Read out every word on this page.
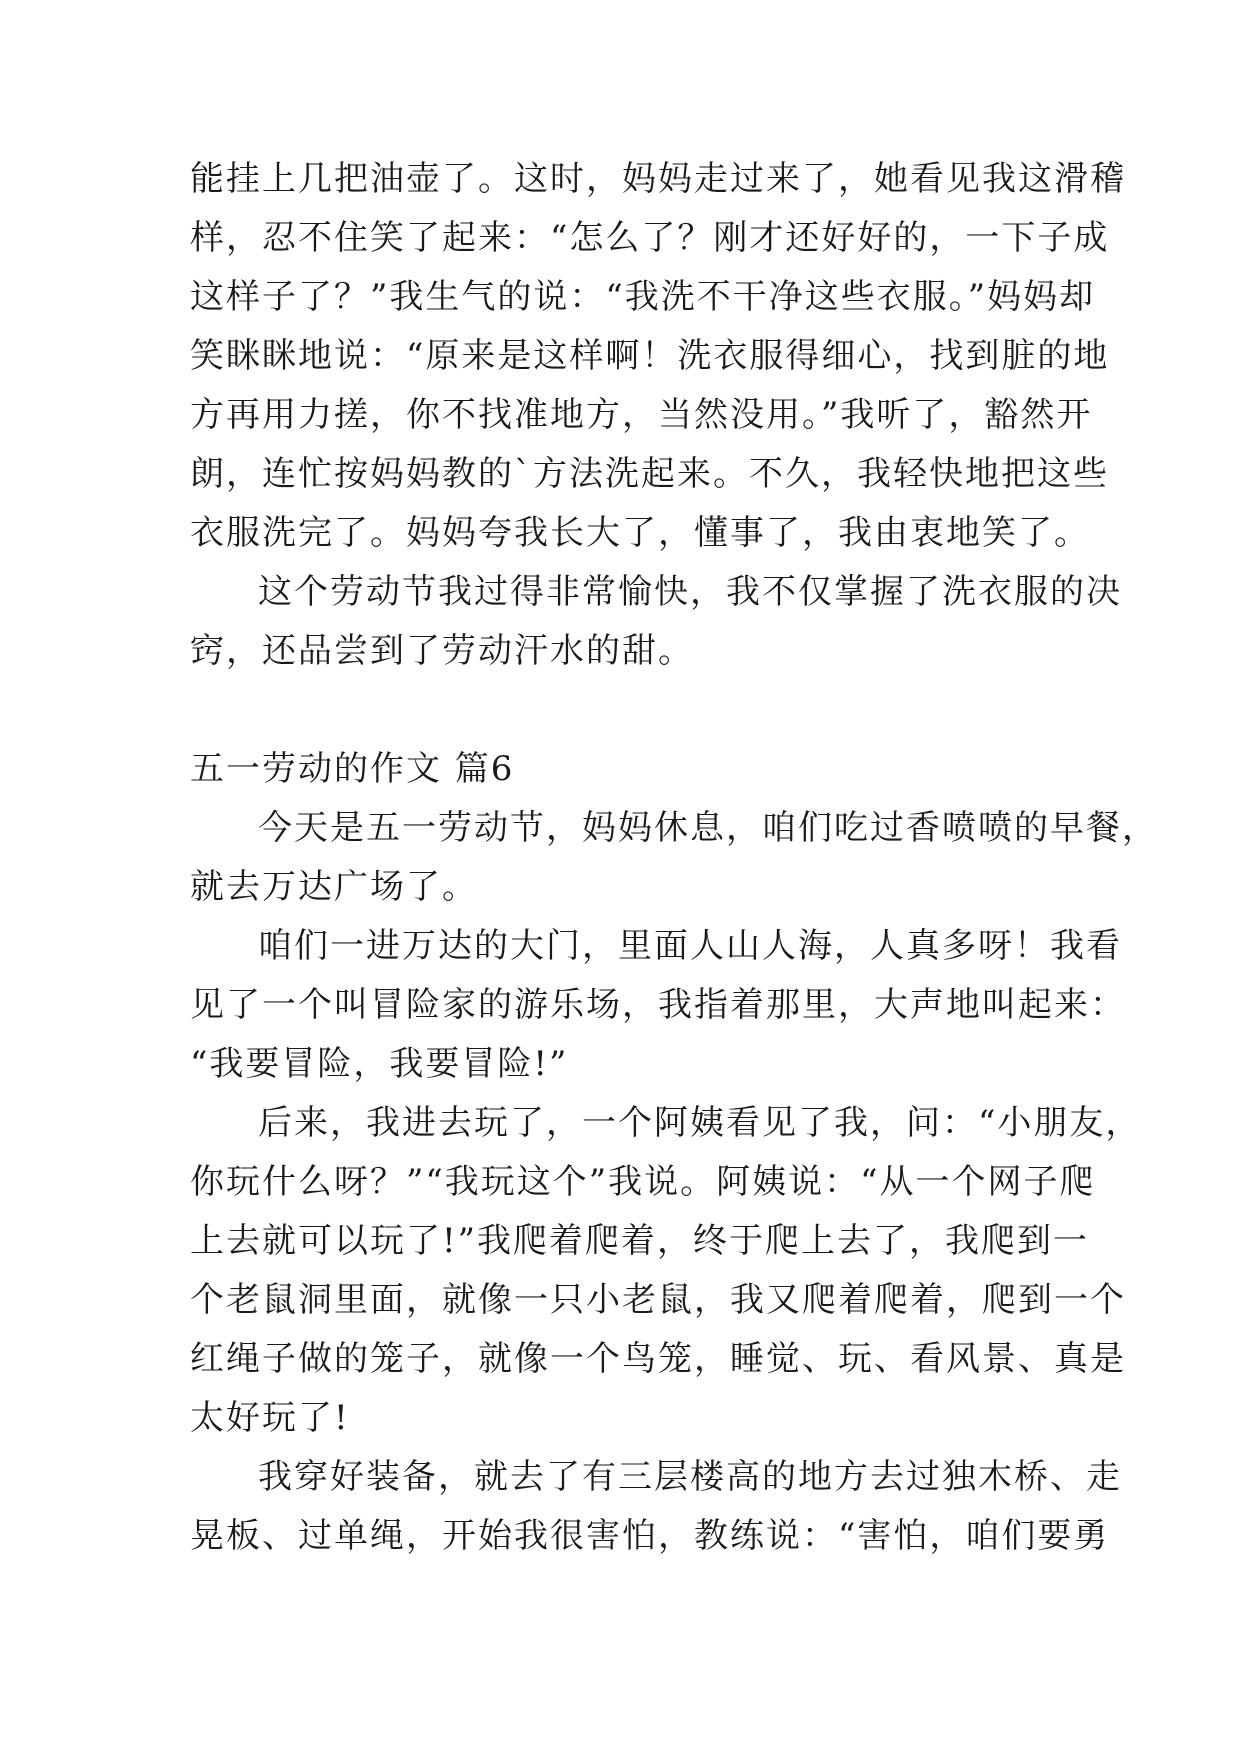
能挂上几把油壶了。这时，妈妈走过来了，她看见我这滑稽
样，忍不住笑了起来：“怎么了？刚才还好好的，一下子成
这样子了？”我生气的说：“我洗不干净这些衣服。”妈妈却
笑眯眯地说：“原来是这样啊！洗衣服得细心，找到脏的地
方再用力搓，你不找准地方，当然没用。”我听了，豁然开
朗，连忙按妈妈教的`方法洗起来。不久，我轻快地把这些
衣服洗完了。妈妈夸我长大了，懂事了，我由衷地笑了。
这个劳动节我过得非常愉快，我不仅掌握了洗衣服的决
窍，还品尝到了劳动汗水的甜。
五一劳动的作文 篇6
今天是五一劳动节，妈妈休息，咱们吃过香喷喷的早餐，
就去万达广场了。
咱们一进万达的大门，里面人山人海，人真多呀！我看
见了一个叫冒险家的游乐场，我指着那里，大声地叫起来：
“我要冒险，我要冒险!”
后来，我进去玩了，一个阿姨看见了我，问：“小朋友，
你玩什么呀？”“我玩这个”我说。阿姨说：“从一个网子爬
上去就可以玩了!”我爬着爬着，终于爬上去了，我爬到一
个老鼠洞里面，就像一只小老鼠，我又爬着爬着，爬到一个
红绳子做的笼子，就像一个鸟笼，睡觉、玩、看风景、真是
太好玩了!
我穿好装备，就去了有三层楼高的地方去过独木桥、走
晃板、过单绳，开始我很害怕，教练说：“害怕，咱们要勇
